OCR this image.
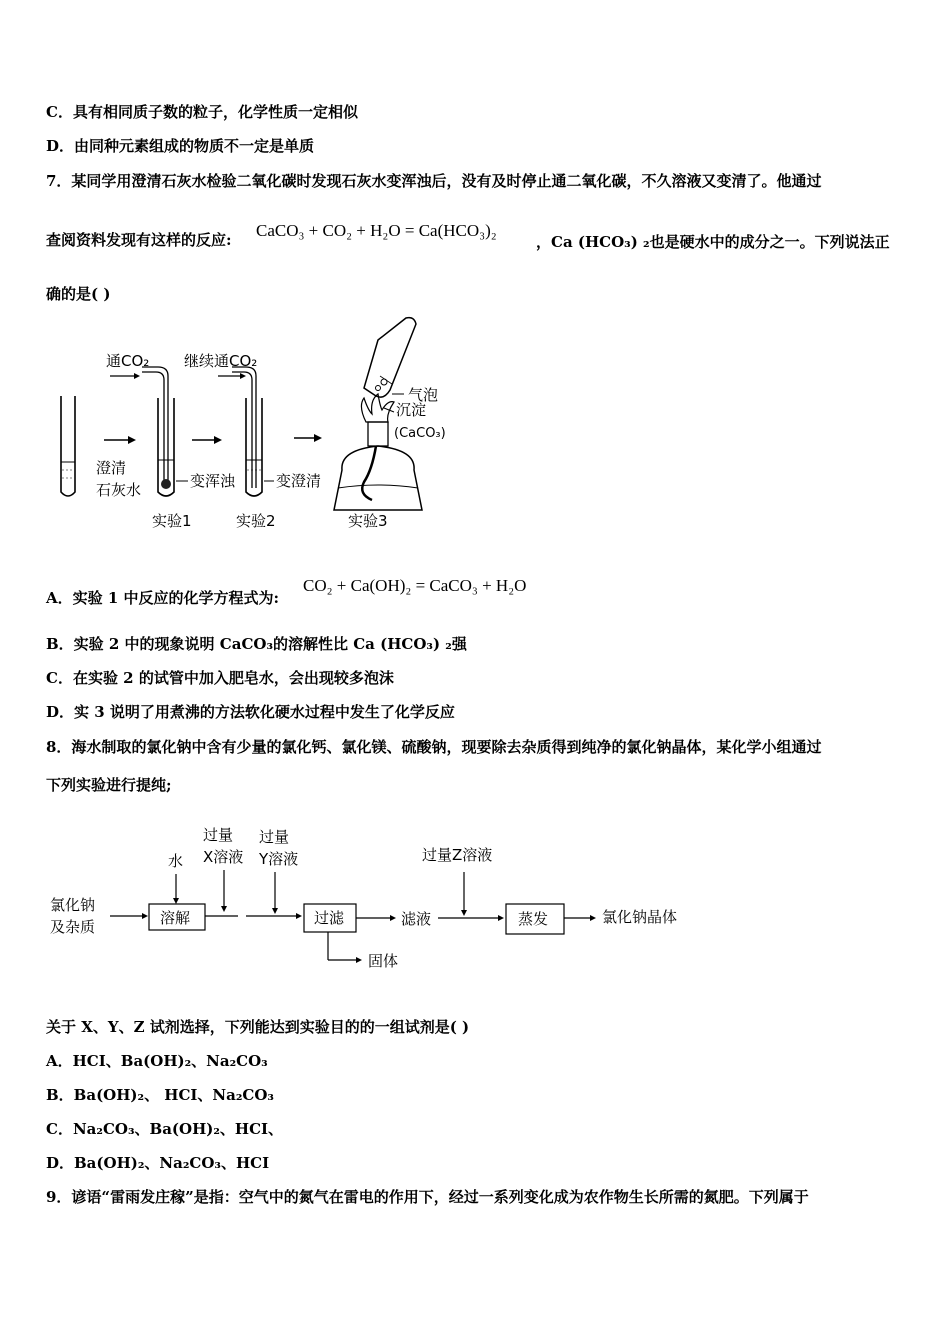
C．具有相同质子数的粒子，化学性质一定相似
D．由同种元素组成的物质不一定是单质
7．某同学用澄清石灰水检验二氧化碳时发现石灰水变浑浊后，没有及时停止通二氧化碳，不久溶液又变清了。他通过
查阅资料发现有这样的反应: CaCO₃ + CO₂ + H₂O = Ca(HCO₃)₂
，Ca (HCO₃) ₂也是硬水中的成分之一。下列说法正
确的是( )
澄清
石灰水
通CO₂
变浑浊
实验1
继续通CO₂
变澄清
实验2
气泡
沉淀
(CaCO₃)
实验3
A．实验 1 中反应的化学方程式为:
CO₂ + Ca(OH)₂ = CaCO₃ + H₂O
B．实验 2 中的现象说明 CaCO₃的溶解性比 Ca (HCO₃) ₂强
C．在实验 2 的试管中加入肥皂水，会出现较多泡沫
D．实 3 说明了用煮沸的方法软化硬水过程中发生了化学反应
8．海水制取的氯化钠中含有少量的氯化钙、氯化镁、硫酸钠，现要除去杂质得到纯净的氯化钠晶体，某化学小组通过
下列实验进行提纯;
氯化钠
及杂质
水
溶解
过量
X溶液
过量
Y溶液
过滤
固体
滤液
过量Z溶液
蒸发	氯化钠晶体
关于 X、Y、Z 试剂选择，下列能达到实验目的的一组试剂是( )
A．HCI、Ba(OH)₂、Na₂CO₃
B．Ba(OH)₂、 HCI、Na₂CO₃
C．Na₂CO₃、Ba(OH)₂、HCI、
D．Ba(OH)₂、Na₂CO₃、HCI
9．谚语“雷雨发庄稼”是指：空气中的氮气在雷电的作用下，经过一系列变化成为农作物生长所需的氮肥。下列属于
